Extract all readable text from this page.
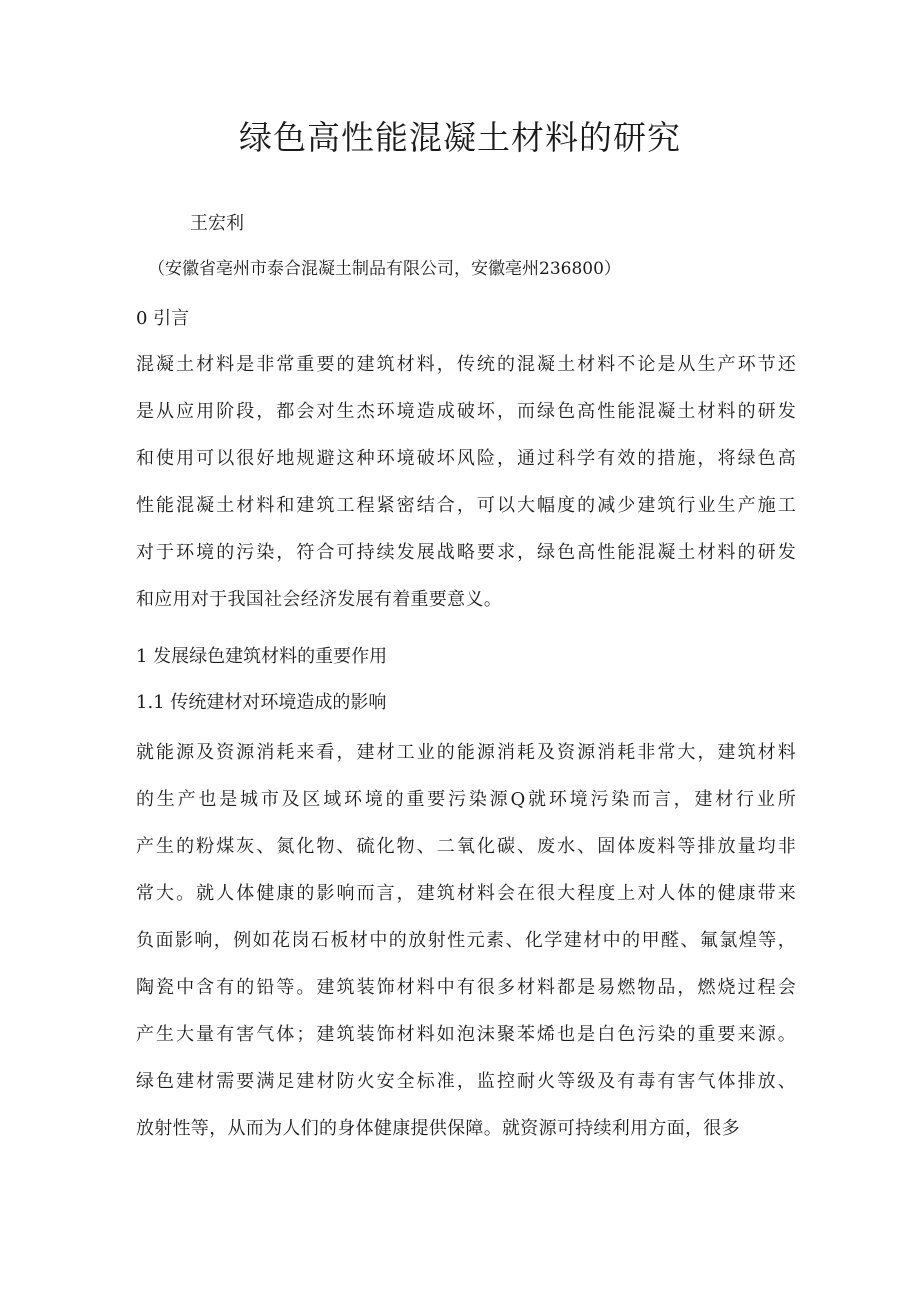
绿色高性能混凝土材料的研究

王宏利

（安徽省亳州市泰合混凝土制品有限公司，安徽亳州236800）

0 引言
混凝土材料是非常重要的建筑材料，传统的混凝土材料不论是从生产环节还
是从应用阶段，都会对生杰环境造成破坏，而绿色高性能混凝土材料的研发
和使用可以很好地规避这种环境破坏风险，通过科学有效的措施，将绿色高
性能混凝土材料和建筑工程紧密结合，可以大幅度的减少建筑行业生产施工
对于环境的污染，符合可持续发展战略要求，绿色高性能混凝土材料的研发
和应用对于我国社会经济发展有着重要意义。
1 发展绿色建筑材料的重要作用
1.1 传统建材对环境造成的影响
就能源及资源消耗来看，建材工业的能源消耗及资源消耗非常大，建筑材料
的生产也是城市及区域环境的重要污染源Q就环境污染而言，建材行业所
产生的粉煤灰、氮化物、硫化物、二氧化碳、废水、固体废料等排放量均非
常大。就人体健康的影响而言，建筑材料会在很大程度上对人体的健康带来
负面影响，例如花岗石板材中的放射性元素、化学建材中的甲醛、氟氯煌等，
陶瓷中含有的铅等。建筑装饰材料中有很多材料都是易燃物品，燃烧过程会
产生大量有害气体；建筑装饰材料如泡沫聚苯烯也是白色污染的重要来源。
绿色建材需要满足建材防火安全标准，监控耐火等级及有毒有害气体排放、
放射性等，从而为人们的身体健康提供保障。就资源可持续利用方面，很多
